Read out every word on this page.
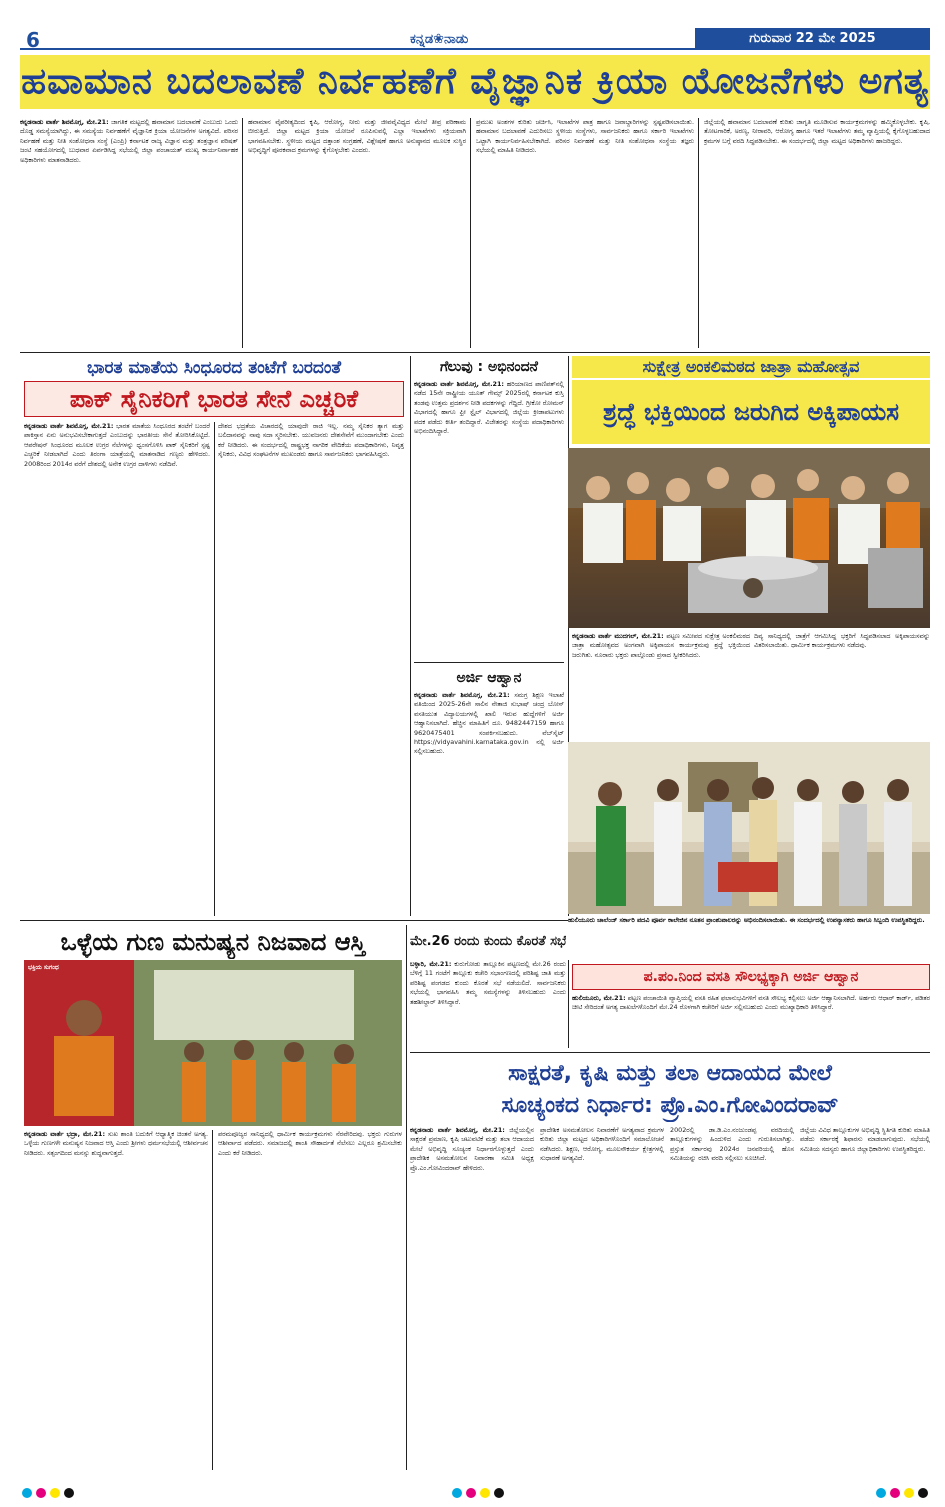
6	ಕನ್ನಡ❀ನಾಡು	ಗುರುವಾರ 22 ಮೇ 2025
ಹವಾಮಾನ ಬದಲಾವಣೆ ನಿರ್ವಹಣೆಗೆ ವೈಜ್ಞಾನಿಕ ಕ್ರಿಯಾ ಯೋಜನೆಗಳು ಅಗತ್ಯ
ಕನ್ನಡನಾಡು ವಾರ್ತೆ ಶಿವಮೊಗ್ಗ, ಮೇ.21: ಜಾಗತಿಕ ಮಟ್ಟದಲ್ಲಿ ಹವಾಮಾನ ಬದಲಾವಣೆ ಎಂಬುದು ಒಂದು ದೊಡ್ಡ ಸಮಸ್ಯೆಯಾಗಿದ್ದು, ಈ ಸಮಸ್ಯೆಯ ನಿರ್ವಹಣೆಗೆ ವೈಜ್ಞಾನಿಕ ಕ್ರಿಯಾ ಯೋಜನೆಗಳ ಅಗತ್ಯವಿದೆ. ಪರಿಸರ ನಿರ್ವಹಣೆ ಮತ್ತು ನೀತಿ ಸಂಶೋಧನಾ ಸಂಸ್ಥೆ (ಎಂಪ್ರಿ) ಕರ್ನಾಟಕ ರಾಜ್ಯ ವಿಜ್ಞಾನ ಮತ್ತು ತಂತ್ರಜ್ಞಾನ ಪರಿಷತ್ ಜಂಟಿ ಸಹಯೋಗದಲ್ಲಿ ಬುಧವಾರ ಏರ್ಪಡಿಸಿದ್ದ ಸಭೆಯಲ್ಲಿ ಜಿಲ್ಲಾ ಪಂಚಾಯತ್ ಮುಖ್ಯ ಕಾರ್ಯನಿರ್ವಾಹಕ ಅಧಿಕಾರಿಗಳು ಮಾತನಾಡಿದರು.
ಹವಾಮಾನ ವೈಪರೀತ್ಯದಿಂದ ಕೃಷಿ, ಆರೋಗ್ಯ, ನೀರು ಮತ್ತು ಜೀವವೈವಿಧ್ಯದ ಮೇಲೆ ತೀವ್ರ ಪರಿಣಾಮ ಬೀರುತ್ತಿದೆ. ಜಿಲ್ಲಾ ಮಟ್ಟದ ಕ್ರಿಯಾ ಯೋಜನೆ ರೂಪಿಸುವಲ್ಲಿ ಎಲ್ಲಾ ಇಲಾಖೆಗಳು ಸಕ್ರಿಯವಾಗಿ ಭಾಗವಹಿಸಬೇಕು. ಸ್ಥಳೀಯ ಮಟ್ಟದ ದತ್ತಾಂಶ ಸಂಗ್ರಹಣೆ, ವಿಶ್ಲೇಷಣೆ ಹಾಗೂ ಅನುಷ್ಠಾನದ ಮೂಲಕ ಸುಸ್ಥಿರ ಅಭಿವೃದ್ಧಿಗೆ ಪೂರಕವಾದ ಕ್ರಮಗಳನ್ನು ಕೈಗೊಳ್ಳಬೇಕು ಎಂದರು.
ಪ್ರಮುಖ ಅಂಶಗಳ ಕುರಿತು ಚರ್ಚಿಸಿ, ಇಲಾಖೆಗಳ ಪಾತ್ರ ಹಾಗೂ ಜವಾಬ್ದಾರಿಗಳನ್ನು ಸ್ಪಷ್ಟಪಡಿಸಲಾಯಿತು. ಹವಾಮಾನ ಬದಲಾವಣೆ ಎದುರಿಸಲು ಸ್ಥಳೀಯ ಸಂಸ್ಥೆಗಳು, ಸಾರ್ವಜನಿಕರು ಹಾಗೂ ಸರ್ಕಾರಿ ಇಲಾಖೆಗಳು ಒಟ್ಟಾಗಿ ಕಾರ್ಯನಿರ್ವಹಿಸಬೇಕಾಗಿದೆ. ಪರಿಸರ ನಿರ್ವಹಣೆ ಮತ್ತು ನೀತಿ ಸಂಶೋಧನಾ ಸಂಸ್ಥೆಯ ತಜ್ಞರು ಸಭೆಯಲ್ಲಿ ಮಾಹಿತಿ ನೀಡಿದರು.
ಜಿಲ್ಲೆಯಲ್ಲಿ ಹವಾಮಾನ ಬದಲಾವಣೆ ಕುರಿತು ಜಾಗೃತಿ ಮೂಡಿಸುವ ಕಾರ್ಯಕ್ರಮಗಳನ್ನು ಹಮ್ಮಿಕೊಳ್ಳಬೇಕು. ಕೃಷಿ, ತೋಟಗಾರಿಕೆ, ಅರಣ್ಯ, ನೀರಾವರಿ, ಆರೋಗ್ಯ ಹಾಗೂ ಇತರೆ ಇಲಾಖೆಗಳು ತಮ್ಮ ವ್ಯಾಪ್ತಿಯಲ್ಲಿ ಕೈಗೊಳ್ಳಬಹುದಾದ ಕ್ರಮಗಳ ಬಗ್ಗೆ ವರದಿ ಸಿದ್ಧಪಡಿಸಬೇಕು. ಈ ಸಂದರ್ಭದಲ್ಲಿ ಜಿಲ್ಲಾ ಮಟ್ಟದ ಅಧಿಕಾರಿಗಳು ಹಾಜರಿದ್ದರು.
ಭಾರತ ಮಾತೆಯ ಸಿಂಧೂರದ ತಂಟೆಗೆ ಬರದಂತೆ
ಪಾಕ್ ಸೈನಿಕರಿಗೆ ಭಾರತ ಸೇನೆ ಎಚ್ಚರಿಕೆ
ಕನ್ನಡನಾಡು ವಾರ್ತೆ ಶಿವಮೊಗ್ಗ, ಮೇ.21: ಭಾರತ ಮಾತೆಯ ಸಿಂಧೂರದ ತಂಟೆಗೆ ಬಂದರೆ ಪಾಕಿಸ್ತಾನ ಏನು ಅನುಭವಿಸಬೇಕಾಗುತ್ತದೆ ಎಂಬುದನ್ನು ಭಾರತೀಯ ಸೇನೆ ತೋರಿಸಿಕೊಟ್ಟಿದೆ. ಆಪರೇಷನ್ ಸಿಂಧೂರದ ಮೂಲಕ ಉಗ್ರರ ನೆಲೆಗಳನ್ನು ಧ್ವಂಸಗೊಳಿಸಿ ಪಾಕ್ ಸೈನಿಕರಿಗೆ ಸ್ಪಷ್ಟ ಎಚ್ಚರಿಕೆ ನೀಡಲಾಗಿದೆ ಎಂದು ತಿರಂಗಾ ಯಾತ್ರೆಯಲ್ಲಿ ಮಾತನಾಡಿದ ಗಣ್ಯರು ಹೇಳಿದರು. 2008ರಿಂದ 2014ರ ವರೆಗೆ ದೇಶದಲ್ಲಿ ಅನೇಕ ಉಗ್ರರ ದಾಳಿಗಳು ನಡೆದಿವೆ.
ದೇಶದ ಭದ್ರತೆಯ ವಿಚಾರದಲ್ಲಿ ಯಾವುದೇ ರಾಜಿ ಇಲ್ಲ. ನಮ್ಮ ಸೈನಿಕರ ತ್ಯಾಗ ಮತ್ತು ಬಲಿದಾನವನ್ನು ನಾವು ಸದಾ ಸ್ಮರಿಸಬೇಕು. ಯುವಜನರು ದೇಶಸೇವೆಗೆ ಮುಂದಾಗಬೇಕು ಎಂದು ಕರೆ ನೀಡಿದರು. ಈ ಸಂದರ್ಭದಲ್ಲಿ ರಾಷ್ಟ್ರಭಕ್ತ ನಾಗರಿಕ ವೇದಿಕೆಯ ಪದಾಧಿಕಾರಿಗಳು, ನಿವೃತ್ತ ಸೈನಿಕರು, ವಿವಿಧ ಸಂಘಟನೆಗಳ ಮುಖಂಡರು ಹಾಗೂ ಸಾರ್ವಜನಿಕರು ಭಾಗವಹಿಸಿದ್ದರು.
ಗೆಲುವು : ಅಭಿನಂದನೆ
ಕನ್ನಡನಾಡು ವಾರ್ತೆ ಶಿವಮೊಗ್ಗ, ಮೇ.21: ಹರಿಯಾಣದ ಪಾಣಿಪತ್‌ನಲ್ಲಿ ನಡೆದ 15ನೇ ರಾಷ್ಟ್ರೀಯ ಯೂತ್ ಗೇಮ್ಸ್ 2025ರಲ್ಲಿ ಕರ್ನಾಟಕ ಕುಸ್ತಿ ತಂಡವು ಉತ್ತಮ ಪ್ರದರ್ಶನ ನೀಡಿ ಪದಕಗಳನ್ನು ಗೆದ್ದಿದೆ. ಗ್ರೀಕೋ ರೋಮನ್ ವಿಭಾಗದಲ್ಲಿ ಹಾಗೂ ಫ್ರೀ ಸ್ಟೈಲ್ ವಿಭಾಗದಲ್ಲಿ ಜಿಲ್ಲೆಯ ಕ್ರೀಡಾಪಟುಗಳು ಪದಕ ಪಡೆದು ಕೀರ್ತಿ ತಂದಿದ್ದಾರೆ. ವಿಜೇತರನ್ನು ಸಂಸ್ಥೆಯ ಪದಾಧಿಕಾರಿಗಳು ಅಭಿನಂದಿಸಿದ್ದಾರೆ.
ಅರ್ಜಿ ಆಹ್ವಾನ
ಕನ್ನಡನಾಡು ವಾರ್ತೆ ಶಿವಮೊಗ್ಗ, ಮೇ.21: ಸಮಗ್ರ ಶಿಕ್ಷಣ ಇಲಾಖೆ ವತಿಯಿಂದ 2025-26ನೇ ಸಾಲಿನ ನೇತಾಜಿ ಸುಭಾಷ್ ಚಂದ್ರ ಬೋಸ್ ವಸತಿಯುತ ವಿದ್ಯಾಲಯಗಳಲ್ಲಿ ಖಾಲಿ ಇರುವ ಹುದ್ದೆಗಳಿಗೆ ಅರ್ಜಿ ಆಹ್ವಾನಿಸಲಾಗಿದೆ. ಹೆಚ್ಚಿನ ಮಾಹಿತಿಗೆ ದೂ. 9482447159 ಹಾಗೂ 9620475401 ಸಂಪರ್ಕಿಸಬಹುದು. ವೆಬ್‌ಸೈಟ್ https://vidyavahini.karnataka.gov.in ನಲ್ಲಿ ಅರ್ಜಿ ಸಲ್ಲಿಸಬಹುದು.
ಸುಕ್ಷೇತ್ರ ಅಂಕಲಿಮಠದ ಜಾತ್ರಾ ಮಹೋತ್ಸವ
ಶ್ರದ್ಧೆ ಭಕ್ತಿಯಿಂದ ಜರುಗಿದ ಅಕ್ಕಿಪಾಯಸ
ಕನ್ನಡನಾಡು ವಾರ್ತೆ ಮುದಗಲ್, ಮೇ.21: ಪಟ್ಟಣ ಸಮೀಪದ ಸುಕ್ಷೇತ್ರ ಅಂಕಲಿಮಠದ ಜಾತ್ರಾ ಮಹೋತ್ಸವದ ಅಂಗವಾಗಿ ಅಕ್ಕಿಪಾಯಸ ಕಾರ್ಯಕ್ರಮವು ಶ್ರದ್ಧೆ ಭಕ್ತಿಯಿಂದ ಜರುಗಿತು. ನೂರಾರು ಭಕ್ತರು ಪಾಲ್ಗೊಂಡು ಪ್ರಸಾದ ಸ್ವೀಕರಿಸಿದರು.
ದಿವ್ಯ ಸಾನಿಧ್ಯದಲ್ಲಿ ಜಾತ್ರೆಗೆ ಆಗಮಿಸಿದ್ದ ಭಕ್ತರಿಗೆ ಸಿದ್ಧಪಡಿಸಲಾದ ಅಕ್ಕಿಪಾಯಸವನ್ನು ವಿತರಿಸಲಾಯಿತು. ಧಾರ್ಮಿಕ ಕಾರ್ಯಕ್ರಮಗಳು ನಡೆದವು.
ಹುಲಿಯೂರು ಚಾಲೆಂಜ್ ಸರ್ಕಾರಿ ಪದವಿ ಪೂರ್ವ ಕಾಲೇಜಿನ ನೂತನ ಪ್ರಾಂಶುಪಾಲರನ್ನು ಅಭಿನಂದಿಸಲಾಯಿತು. ಈ ಸಂದರ್ಭದಲ್ಲಿ ಉಪನ್ಯಾಸಕರು ಹಾಗೂ ಸಿಬ್ಬಂದಿ ಉಪಸ್ಥಿತರಿದ್ದರು.
ಒಳ್ಳೆಯ ಗುಣ ಮನುಷ್ಯನ ನಿಜವಾದ ಆಸ್ತಿ
ಭಕ್ತಿಯ ಸುಗಂಧ
ಕನ್ನಡನಾಡು ವಾರ್ತೆ ಭದ್ರಾ, ಮೇ.21: ಸುಖ ಶಾಂತಿ ಬದುಕಿಗೆ ಆಧ್ಯಾತ್ಮಿಕ ಚಿಂತನೆ ಅಗತ್ಯ. ಒಳ್ಳೆಯ ಗುಣಗಳೇ ಮನುಷ್ಯನ ನಿಜವಾದ ಆಸ್ತಿ ಎಂದು ಶ್ರೀಗಳು ಧರ್ಮಸಭೆಯಲ್ಲಿ ಆಶೀರ್ವಚನ ನೀಡಿದರು. ಸತ್ಸಂಗದಿಂದ ಮನಸ್ಸು ಶುದ್ಧವಾಗುತ್ತದೆ.
ಪರಮಪೂಜ್ಯರ ಸಾನಿಧ್ಯದಲ್ಲಿ ಧಾರ್ಮಿಕ ಕಾರ್ಯಕ್ರಮಗಳು ನೆರವೇರಿದವು. ಭಕ್ತರು ಗುರುಗಳ ಆಶೀರ್ವಾದ ಪಡೆದರು. ಸಮಾಜದಲ್ಲಿ ಶಾಂತಿ ಸೌಹಾರ್ದತೆ ನೆಲೆಸಲು ಎಲ್ಲರೂ ಶ್ರಮಿಸಬೇಕು ಎಂದು ಕರೆ ನೀಡಿದರು.
ಮೇ.26 ರಂದು ಕುಂದು ಕೊರತೆ ಸಭೆ
ಬಳ್ಳಾರಿ, ಮೇ.21: ಕುರುಗೋಡು ತಾಲ್ಲೂಕಿನ ಪಟ್ಟಣದಲ್ಲಿ ಮೇ.26 ರಂದು ಬೆಳಿಗ್ಗೆ 11 ಗಂಟೆಗೆ ತಾಲ್ಲೂಕು ಕಚೇರಿ ಸಭಾಂಗಣದಲ್ಲಿ ಪರಿಶಿಷ್ಟ ಜಾತಿ ಮತ್ತು ಪರಿಶಿಷ್ಟ ಪಂಗಡದ ಕುಂದು ಕೊರತೆ ಸಭೆ ನಡೆಯಲಿದೆ. ಸಾರ್ವಜನಿಕರು ಸಭೆಯಲ್ಲಿ ಭಾಗವಹಿಸಿ ತಮ್ಮ ಸಮಸ್ಯೆಗಳನ್ನು ತಿಳಿಸಬಹುದು ಎಂದು ತಹಶೀಲ್ದಾರ್ ತಿಳಿಸಿದ್ದಾರೆ.
ಪ.ಪಂ.ನಿಂದ ವಸತಿ ಸೌಲಭ್ಯಕ್ಕಾಗಿ ಅರ್ಜಿ ಆಹ್ವಾನ
ಹುಲಿಯೂರು, ಮೇ.21: ಪಟ್ಟಣ ಪಂಚಾಯಿತಿ ವ್ಯಾಪ್ತಿಯಲ್ಲಿ ವಸತಿ ರಹಿತ ಫಲಾನುಭವಿಗಳಿಗೆ ವಸತಿ ಸೌಲಭ್ಯ ಕಲ್ಪಿಸಲು ಅರ್ಜಿ ಆಹ್ವಾನಿಸಲಾಗಿದೆ. ಅರ್ಹರು ಆಧಾರ್ ಕಾರ್ಡ್, ಪಡಿತರ ಚೀಟಿ ಸೇರಿದಂತೆ ಅಗತ್ಯ ದಾಖಲೆಗಳೊಂದಿಗೆ ಮೇ.24 ರೊಳಗಾಗಿ ಕಚೇರಿಗೆ ಅರ್ಜಿ ಸಲ್ಲಿಸಬಹುದು ಎಂದು ಮುಖ್ಯಾಧಿಕಾರಿ ತಿಳಿಸಿದ್ದಾರೆ.
ಸಾಕ್ಷರತೆ, ಕೃಷಿ ಮತ್ತು ತಲಾ ಆದಾಯದ ಮೇಲೆ
ಸೂಚ್ಯಂಕದ ನಿರ್ಧಾರ: ಪ್ರೊ.ಎಂ.ಗೋವಿಂದರಾವ್
ಕನ್ನಡನಾಡು ವಾರ್ತೆ ಶಿವಮೊಗ್ಗ, ಮೇ.21: ಜಿಲ್ಲೆಯಲ್ಲಿನ ಸಾಕ್ಷರತೆ ಪ್ರಮಾಣ, ಕೃಷಿ ಚಟುವಟಿಕೆ ಮತ್ತು ತಲಾ ಆದಾಯದ ಮೇಲೆ ಅಭಿವೃದ್ಧಿ ಸೂಚ್ಯಂಕ ನಿರ್ಧಾರಗೊಳ್ಳುತ್ತದೆ ಎಂದು ಪ್ರಾದೇಶಿಕ ಅಸಮತೋಲನ ನಿವಾರಣಾ ಸಮಿತಿ ಅಧ್ಯಕ್ಷ ಪ್ರೊ.ಎಂ.ಗೋವಿಂದರಾವ್ ಹೇಳಿದರು.
ಪ್ರಾದೇಶಿಕ ಅಸಮತೋಲನ ನಿವಾರಣೆಗೆ ಅಗತ್ಯವಾದ ಕ್ರಮಗಳ ಕುರಿತು ಜಿಲ್ಲಾ ಮಟ್ಟದ ಅಧಿಕಾರಿಗಳೊಂದಿಗೆ ಸಮಾಲೋಚನೆ ನಡೆಸಿದರು. ಶಿಕ್ಷಣ, ಆರೋಗ್ಯ, ಮೂಲಸೌಕರ್ಯ ಕ್ಷೇತ್ರಗಳಲ್ಲಿ ಸುಧಾರಣೆ ಅಗತ್ಯವಿದೆ.
2002ರಲ್ಲಿ ಡಾ.ಡಿ.ಎಂ.ನಂಜುಂಡಪ್ಪ ವರದಿಯಲ್ಲಿ ತಾಲ್ಲೂಕುಗಳನ್ನು ಹಿಂದುಳಿದ ಎಂದು ಗುರುತಿಸಲಾಗಿತ್ತು. ಪ್ರಸ್ತುತ ಸರ್ಕಾರವು 2024ರ ಜನವರಿಯಲ್ಲಿ ಹೊಸ ಸಮಿತಿಯನ್ನು ರಚಿಸಿ ವರದಿ ಸಲ್ಲಿಸಲು ಸೂಚಿಸಿದೆ.
ಜಿಲ್ಲೆಯ ವಿವಿಧ ತಾಲ್ಲೂಕುಗಳ ಅಭಿವೃದ್ಧಿ ಸ್ಥಿತಿಗತಿ ಕುರಿತು ಮಾಹಿತಿ ಪಡೆದು ಸರ್ಕಾರಕ್ಕೆ ಶಿಫಾರಸು ಮಾಡಲಾಗುವುದು. ಸಭೆಯಲ್ಲಿ ಸಮಿತಿಯ ಸದಸ್ಯರು ಹಾಗೂ ಜಿಲ್ಲಾಧಿಕಾರಿಗಳು ಉಪಸ್ಥಿತರಿದ್ದರು.
